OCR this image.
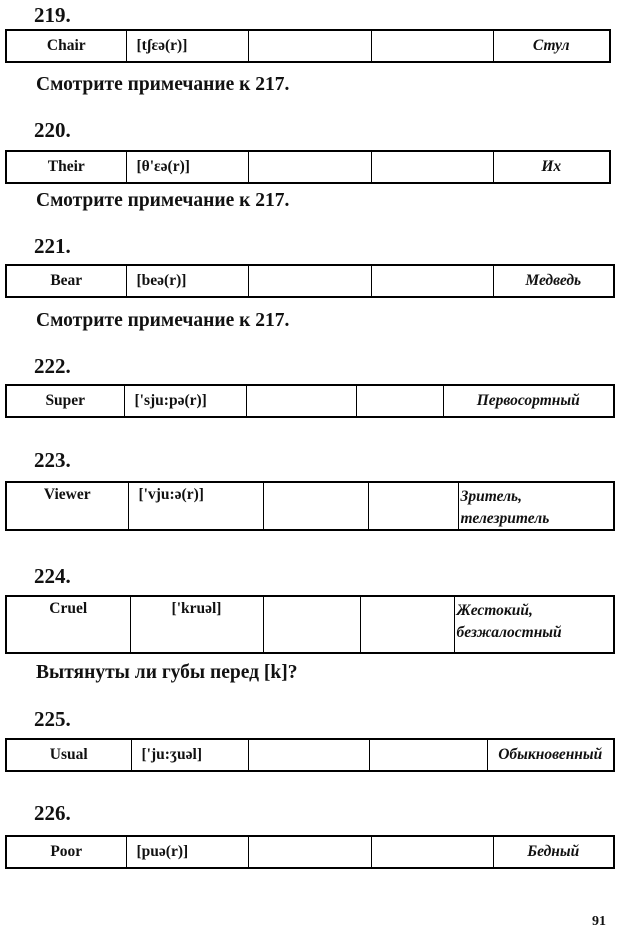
219.
Chair	[tʃεə(r)]			Стул
Смотрите примечание к 217.
220.
Their	[θ'εə(r)]			Их
Смотрите примечание к 217.
221.
Bear	[beə(r)]			Медведь
Смотрите примечание к 217.
222.
Super	['sju:pə(r)]			Первосортный
223.
Viewer	['vju:ə(r)]			Зритель, телезритель
224.
Cruel	['kruəl]			Жестокий, безжалостный
Вытянуты ли губы перед [k]?
225.
Usual	['ju:ʒuəl]			Обыкновенный
226.
Poor	[puə(r)]			Бедный
91
